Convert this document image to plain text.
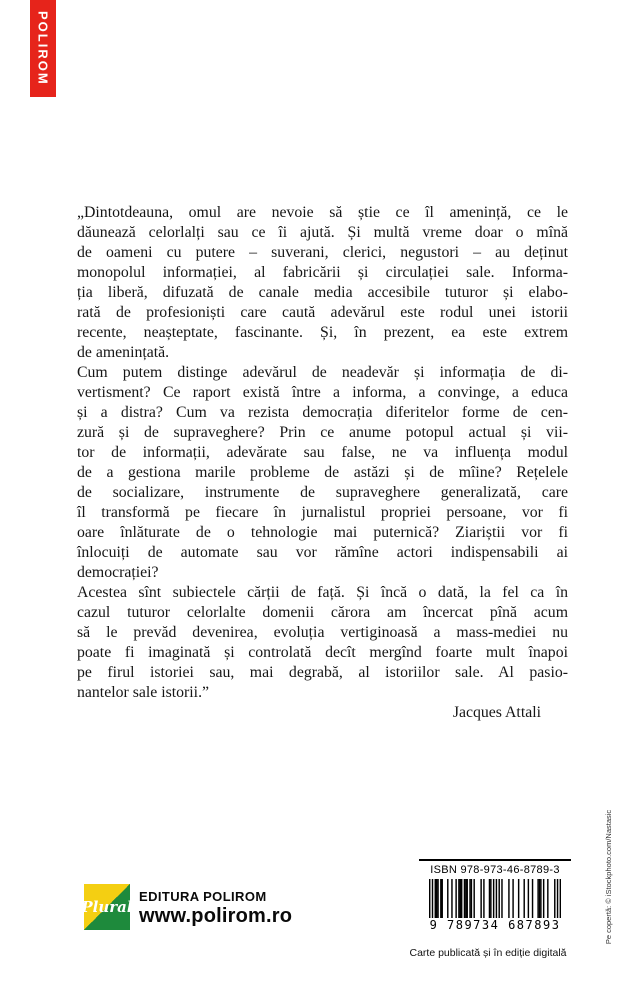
POLIROM
„Dintotdeauna, omul are nevoie să știe ce îl amenință, ce le
dăunează celorlalți sau ce îi ajută. Și multă vreme doar o mînă
de oameni cu putere – suverani, clerici, negustori – au deținut
monopolul informației, al fabricării și circulației sale. Informa-
ția liberă, difuzată de canale media accesibile tuturor și elabo-
rată de profesioniști care caută adevărul este rodul unei istorii
recente, neașteptate, fascinante. Și, în prezent, ea este extrem
de amenințată.
Cum putem distinge adevărul de neadevăr și informația de di-
vertisment? Ce raport există între a informa, a convinge, a educa
și a distra? Cum va rezista democrația diferitelor forme de cen-
zură și de supraveghere? Prin ce anume potopul actual și vii-
tor de informații, adevărate sau false, ne va influența modul
de a gestiona marile probleme de astăzi și de mîine? Rețelele
de socializare, instrumente de supraveghere generalizată, care
îl transformă pe fiecare în jurnalistul propriei persoane, vor fi
oare înlăturate de o tehnologie mai puternică? Ziariștii vor fi
înlocuiți de automate sau vor rămîne actori indispensabili ai
democrației?
Acestea sînt subiectele cărții de față. Și încă o dată, la fel ca în
cazul tuturor celorlalte domenii cărora am încercat pînă acum
să le prevăd devenirea, evoluția vertiginoasă a mass-mediei nu
poate fi imaginată și controlată decît mergînd foarte mult înapoi
pe firul istoriei sau, mai degrabă, al istoriilor sale. Al pasio-
nantelor sale istorii.”
Jacques Attali
Plural
EDITURA POLIROM
www.polirom.ro
ISBN 978-973-46-8789-3
9 789734 687893
Carte publicată și în ediție digitală
Pe copertă: © iStockphoto.com/Nastasic
